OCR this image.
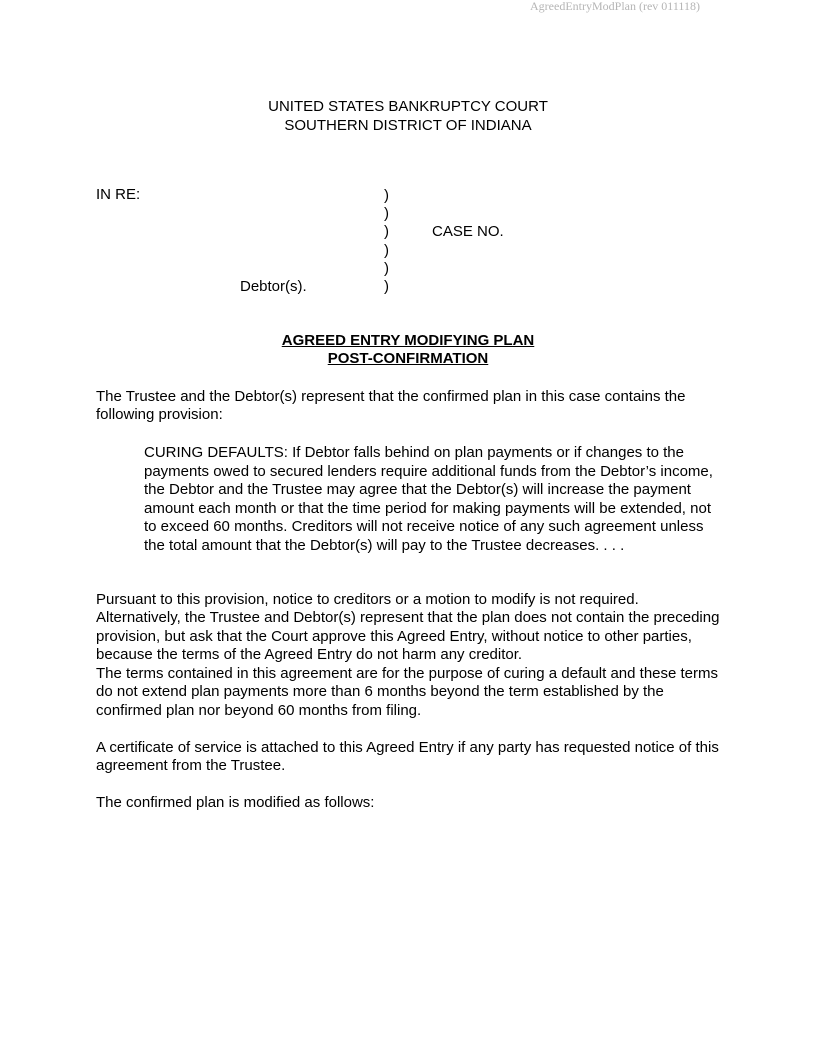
AgreedEntryModPlan (rev 011118)
UNITED STATES BANKRUPTCY COURT
SOUTHERN DISTRICT OF INDIANA
IN RE:	)
)
)
)
)
)
CASE NO.
Debtor(s).
AGREED ENTRY MODIFYING PLAN
POST-CONFIRMATION
The Trustee and the Debtor(s) represent that the confirmed plan in this case contains the following provision:
CURING DEFAULTS: If Debtor falls behind on plan payments or if changes to the payments owed to secured lenders require additional funds from the Debtor’s income, the Debtor and the Trustee may agree that the Debtor(s) will increase the payment amount each month or that the time period for making payments will be extended, not to exceed 60 months. Creditors will not receive notice of any such agreement unless the total amount that the Debtor(s) will pay to the Trustee decreases. . . .
Pursuant to this provision, notice to creditors or a motion to modify is not required. Alternatively, the Trustee and Debtor(s) represent that the plan does not contain the preceding provision, but ask that the Court approve this Agreed Entry, without notice to other parties, because the terms of the Agreed Entry do not harm any creditor.
The terms contained in this agreement are for the purpose of curing a default and these terms do not extend plan payments more than 6 months beyond the term established by the confirmed plan nor beyond 60 months from filing.
A certificate of service is attached to this Agreed Entry if any party has requested notice of this agreement from the Trustee.
The confirmed plan is modified as follows:
